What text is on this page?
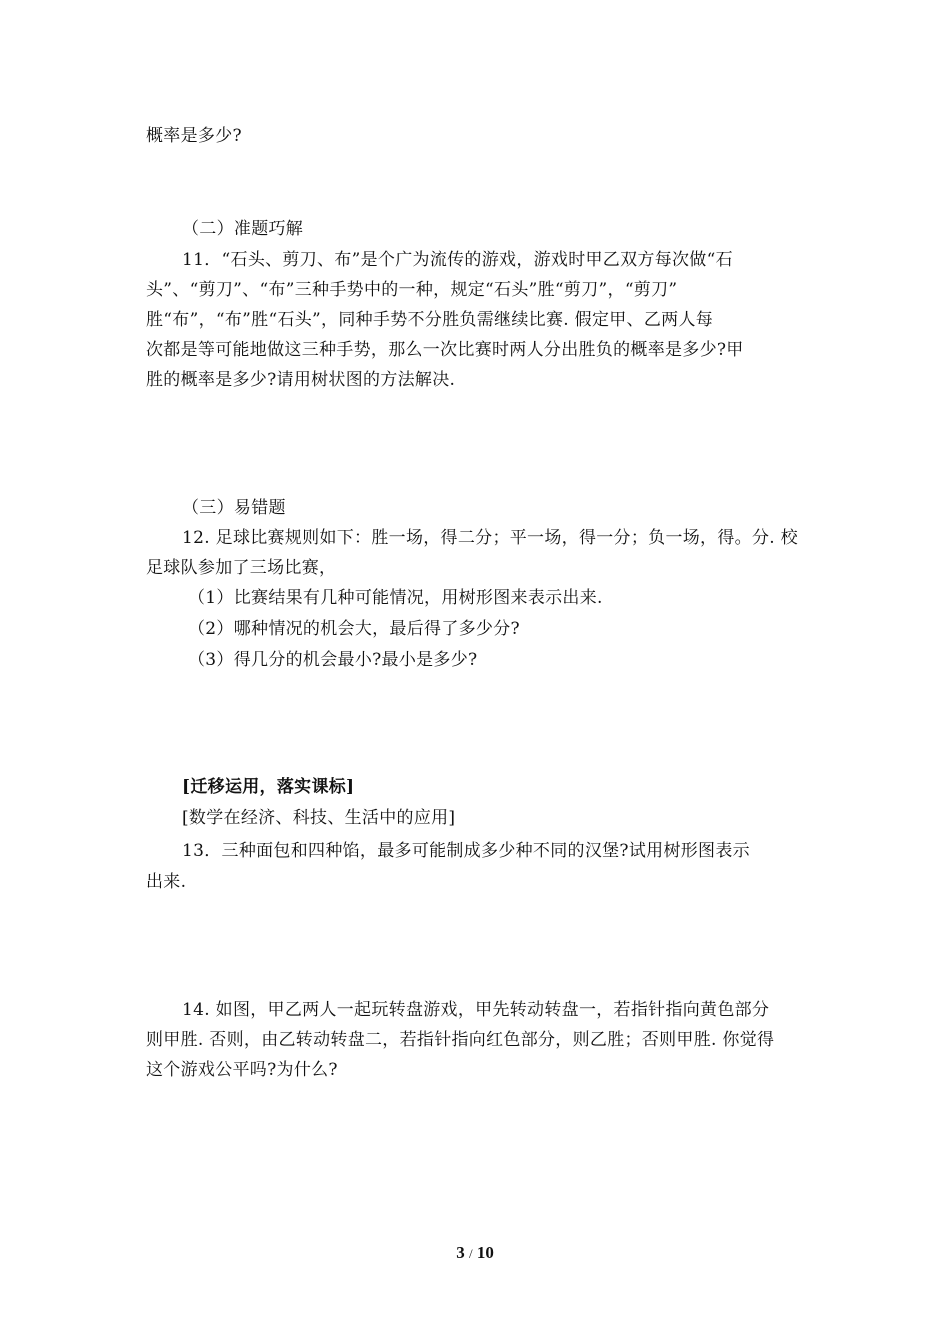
概率是多少?
（二）准题巧解
11．“石头、剪刀、布”是个广为流传的游戏，游戏时甲乙双方每次做“石
头”、“剪刀”、“布”三种手势中的一种，规定“石头”胜“剪刀”，“剪刀”
胜“布”，“布”胜“石头”，同种手势不分胜负需继续比赛. 假定甲、乙两人每
次都是等可能地做这三种手势，那么一次比赛时两人分出胜负的概率是多少?甲
胜的概率是多少?请用树状图的方法解决.
（三）易错题
12. 足球比赛规则如下：胜一场，得二分；平一场，得一分；负一场，得。分. 校
足球队参加了三场比赛，
（1）比赛结果有几种可能情况，用树形图来表示出来.
（2）哪种情况的机会大，最后得了多少分?
（3）得几分的机会最小?最小是多少?
[迁移运用，落实课标]
[数学在经济、科技、生活中的应用]
13．三种面包和四种馅，最多可能制成多少种不同的汉堡?试用树形图表示
出来.
14. 如图，甲乙两人一起玩转盘游戏，甲先转动转盘一，若指针指向黄色部分
则甲胜. 否则，由乙转动转盘二，若指针指向红色部分，则乙胜；否则甲胜. 你觉得
这个游戏公平吗?为什么?
3 / 10
